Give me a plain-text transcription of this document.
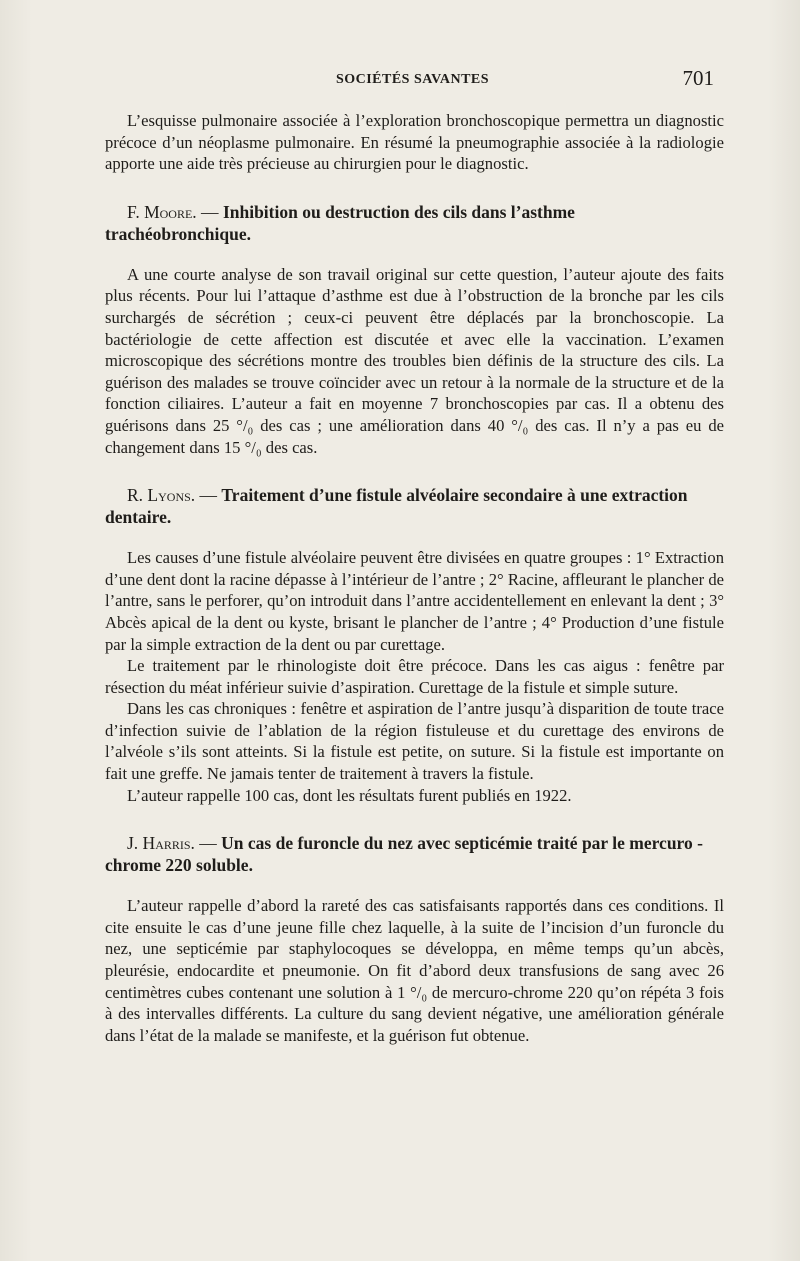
SOCIÉTÉS SAVANTES	701

L’esquisse pulmonaire associée à l’exploration bronchoscopique permettra un diagnostic précoce d’un néoplasme pulmonaire. En résumé la pneumographie associée à la radiologie apporte une aide très précieuse au chirurgien pour le diagnostic.

F. Moore. — Inhibition ou destruction des cils dans l’asthme trachéobronchique.

A une courte analyse de son travail original sur cette question, l’auteur ajoute des faits plus récents. Pour lui l’attaque d’asthme est due à l’obstruction de la bronche par les cils surchargés de sécrétion ; ceux-ci peuvent être déplacés par la bronchoscopie. La bactériologie de cette affection est discutée et avec elle la vaccination. L’examen microscopique des sécrétions montre des troubles bien définis de la structure des cils. La guérison des malades se trouve coïncider avec un retour à la normale de la structure et de la fonction ciliaires. L’auteur a fait en moyenne 7 bronchoscopies par cas. Il a obtenu des guérisons dans 25 °/₀ des cas ; une amélioration dans 40 °/₀ des cas. Il n’y a pas eu de changement dans 15 °/₀ des cas.

R. Lyons. — Traitement d’une fistule alvéolaire secondaire à une extraction dentaire.

Les causes d’une fistule alvéolaire peuvent être divisées en quatre groupes : 1° Extraction d’une dent dont la racine dépasse à l’intérieur de l’antre ; 2° Racine, affleurant le plancher de l’antre, sans le perforer, qu’on introduit dans l’antre accidentellement en enlevant la dent ; 3° Abcès apical de la dent ou kyste, brisant le plancher de l’antre ; 4° Production d’une fistule par la simple extraction de la dent ou par curettage.

Le traitement par le rhinologiste doit être précoce. Dans les cas aigus : fenêtre par résection du méat inférieur suivie d’aspiration. Curettage de la fistule et simple suture.

Dans les cas chroniques : fenêtre et aspiration de l’antre jusqu’à disparition de toute trace d’infection suivie de l’ablation de la région fistuleuse et du curettage des environs de l’alvéole s’ils sont atteints. Si la fistule est petite, on suture. Si la fistule est importante on fait une greffe. Ne jamais tenter de traitement à travers la fistule.

L’auteur rappelle 100 cas, dont les résultats furent publiés en 1922.

J. Harris. — Un cas de furoncle du nez avec septicémie traité par le mercuro - chrome 220 soluble.

L’auteur rappelle d’abord la rareté des cas satisfaisants rapportés dans ces conditions. Il cite ensuite le cas d’une jeune fille chez laquelle, à la suite de l’incision d’un furoncle du nez, une septicémie par staphylocoques se développa, en même temps qu’un abcès, pleurésie, endocardite et pneumonie. On fit d’abord deux transfusions de sang avec 26 centimètres cubes contenant une solution à 1 °/₀ de mercuro-chrome 220 qu’on répéta 3 fois à des intervalles différents. La culture du sang devient négative, une amélioration générale dans l’état de la malade se manifeste, et la guérison fut obtenue.
